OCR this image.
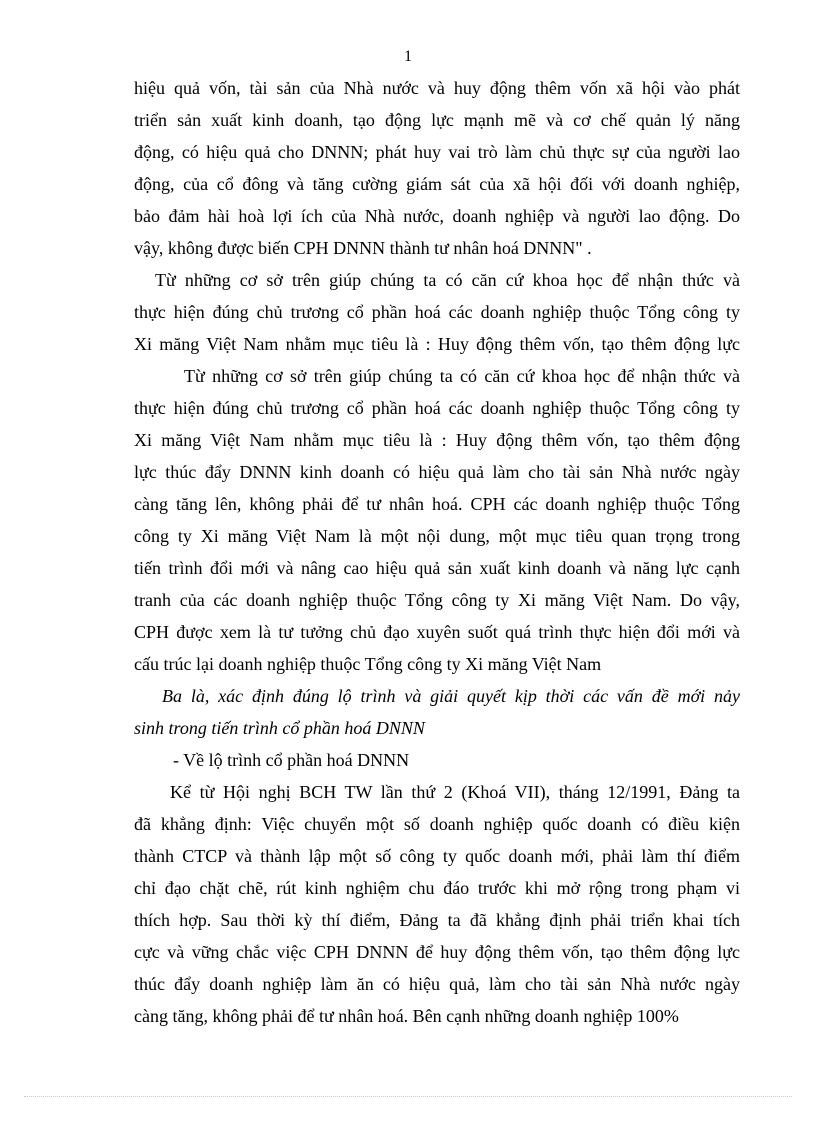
1
hiệu quả vốn, tài sản của Nhà nước và huy động thêm vốn xã hội vào phát
triển sản xuất kinh doanh, tạo động lực mạnh mẽ và cơ chế quản lý năng
động, có hiệu quả cho DNNN; phát huy vai trò làm chủ thực sự của người lao
động, của cổ đông và tăng cường giám sát của xã hội đối với doanh nghiệp,
bảo đảm hài hoà lợi ích của Nhà nước, doanh nghiệp và người lao động. Do
vậy, không được biến CPH DNNN thành tư nhân hoá DNNN" .
Từ những cơ sở trên giúp chúng ta có căn cứ khoa học để nhận thức và
thực hiện đúng chủ trương cổ phần hoá các doanh nghiệp thuộc Tổng công ty
Xi măng Việt Nam nhằm mục tiêu là : Huy động thêm vốn, tạo thêm động lực
Từ những cơ sở trên giúp chúng ta có căn cứ khoa học để nhận thức và
thực hiện đúng chủ trương cổ phần hoá các doanh nghiệp thuộc Tổng công ty
Xi măng Việt Nam nhằm mục tiêu là : Huy động thêm vốn, tạo thêm động
lực thúc đẩy DNNN kinh doanh có hiệu quả làm cho tài sản Nhà nước ngày
càng tăng lên, không phải để tư nhân hoá. CPH các doanh nghiệp thuộc Tổng
công ty Xi măng Việt Nam là một nội dung, một mục tiêu quan trọng trong
tiến trình đổi mới và nâng cao hiệu quả sản xuất kinh doanh và năng lực cạnh
tranh của các doanh nghiệp thuộc Tổng công ty Xi măng Việt Nam. Do vậy,
CPH được xem là tư tưởng chủ đạo xuyên suốt quá trình thực hiện đổi mới và
cấu trúc lại doanh nghiệp thuộc Tổng công ty Xi măng Việt Nam
Ba là, xác định đúng lộ trình và giải quyết kịp thời các vấn đề mới nảy
sinh trong tiến trình cổ phần hoá DNNN
- Về lộ trình cổ phần hoá DNNN
Kể từ Hội nghị BCH TW lần thứ 2 (Khoá VII), tháng 12/1991, Đảng ta
đã khẳng định: Việc chuyển một số doanh nghiệp quốc doanh có điều kiện
thành CTCP và thành lập một số công ty quốc doanh mới, phải làm thí điểm
chỉ đạo chặt chẽ, rút kinh nghiệm chu đáo trước khi mở rộng trong phạm vi
thích hợp. Sau thời kỳ thí điểm, Đảng ta đã khẳng định phải triển khai tích
cực và vững chắc việc CPH DNNN để huy động thêm vốn, tạo thêm động lực
thúc đẩy doanh nghiệp làm ăn có hiệu quả, làm cho tài sản Nhà nước ngày
càng tăng, không phải để tư nhân hoá. Bên cạnh những doanh nghiệp 100%
